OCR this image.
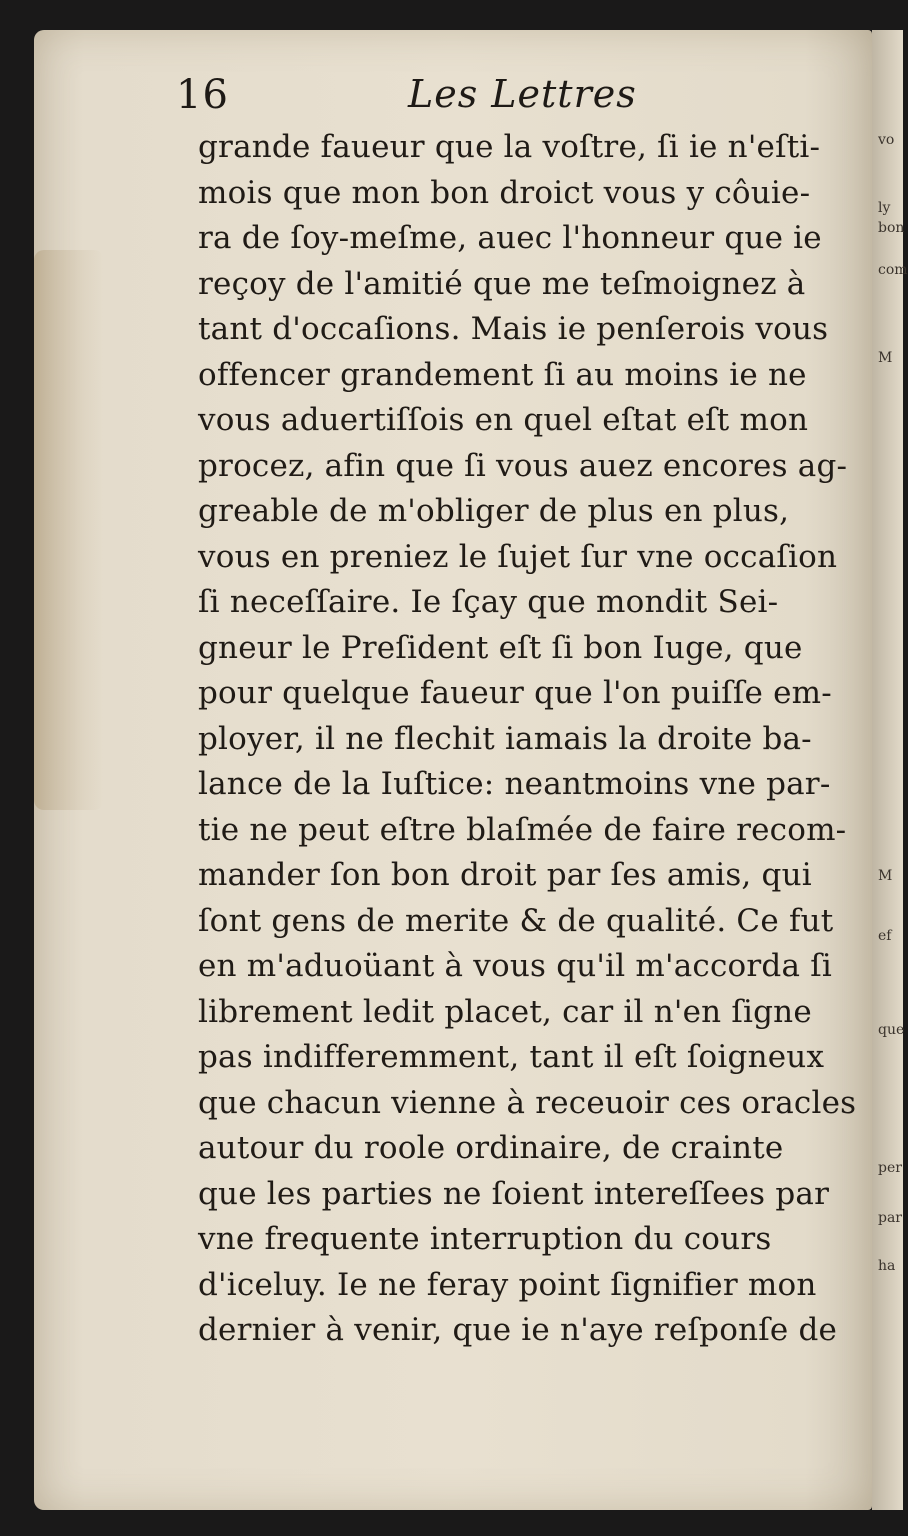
vo
ly
bon
com
M
M
ef
que
per
par
ha
16	Les Lettres
grande faueur que la voſtre, ſi ie n'eſti-
mois que mon bon droict vous y côuie-
ra de ſoy-meſme, auec l'honneur que ie
reçoy de l'amitié que me teſmoignez à
tant d'occaſions. Mais ie penſerois vous
offencer grandement ſi au moins ie ne
vous aduertiſſois en quel eſtat eſt mon
procez, afin que ſi vous auez encores ag-
greable de m'obliger de plus en plus,
vous en preniez le ſujet ſur vne occaſion
ſi neceſſaire. Ie ſçay que mondit Sei-
gneur le Preſident eſt ſi bon Iuge, que
pour quelque faueur que l'on puiſſe em-
ployer, il ne flechit iamais la droite ba-
lance de la Iuſtice: neantmoins vne par-
tie ne peut eſtre blaſmée de faire recom-
mander ſon bon droit par ſes amis, qui
ſont gens de merite & de qualité. Ce fut
en m'aduoüant à vous qu'il m'accorda ſi
librement ledit placet, car il n'en ſigne
pas indifferemment, tant il eſt ſoigneux
que chacun vienne à receuoir ces oracles
autour du roole ordinaire, de crainte
que les parties ne ſoient intereſſees par
vne frequente interruption du cours
d'iceluy. Ie ne feray point ſignifier mon
dernier à venir, que ie n'aye reſponſe de
